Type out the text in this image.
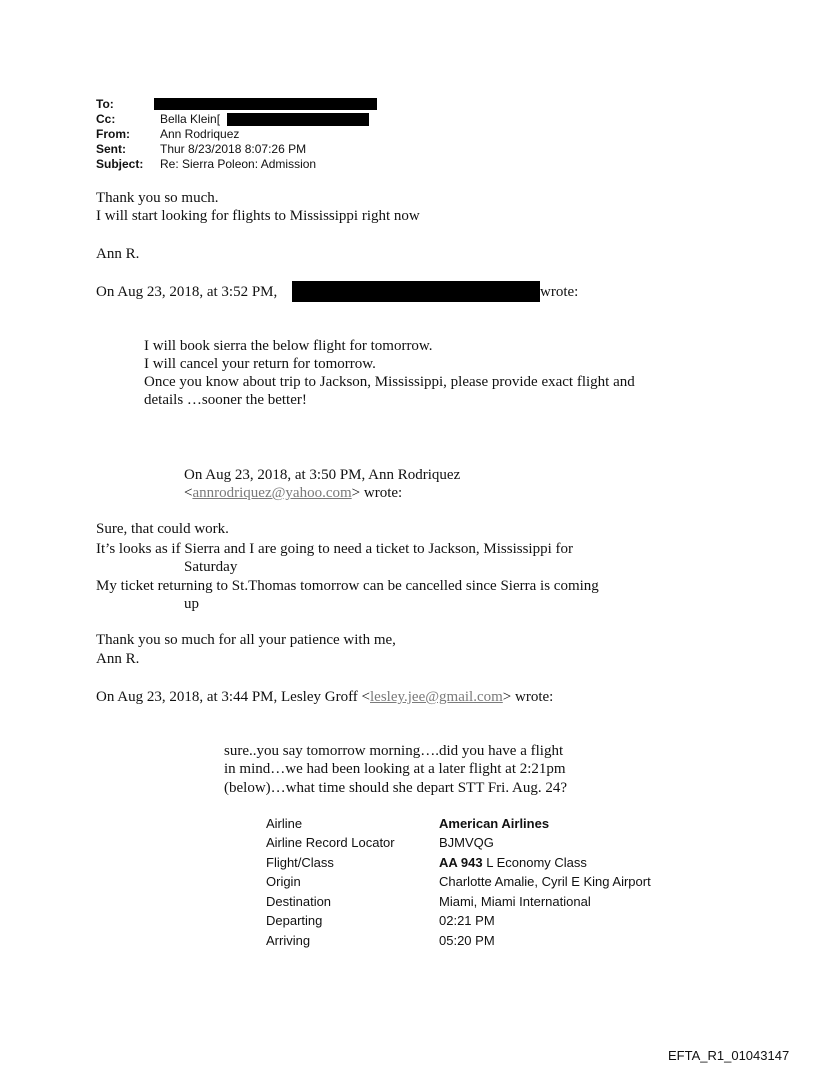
To:
Cc:	Bella Klein[
From:	Ann Rodriquez
Sent:	Thur 8/23/2018 8:07:26 PM
Subject: Re: Sierra Poleon: Admission
Thank you so much.
I will start looking for flights to Mississippi right now
Ann R.
On Aug 23, 2018, at 3:52 PM,	wrote:
I will book sierra the below flight for tomorrow.
I will cancel your return for tomorrow.
Once you know about trip to Jackson, Mississippi, please provide exact flight and
details …sooner the better!
On Aug 23, 2018, at 3:50 PM, Ann Rodriquez
<annrodriquez@yahoo.com> wrote:
Sure, that could work.
It’s looks as if Sierra and I are going to need a ticket to Jackson, Mississippi for
Saturday
My ticket returning to St.Thomas tomorrow can be cancelled since Sierra is coming
up
Thank you so much for all your patience with me,
Ann R.
On Aug 23, 2018, at 3:44 PM, Lesley Groff <lesley.jee@gmail.com> wrote:
sure..you say tomorrow morning….did you have a flight
in mind…we had been looking at a later flight at 2:21pm
(below)…what time should she depart STT Fri. Aug. 24?
Airline	American Airlines
Airline Record Locator	BJMVQG
Flight/Class	AA 943 L Economy Class
Origin	Charlotte Amalie, Cyril E King Airport
Destination	Miami, Miami International
Departing	02:21 PM
Arriving	05:20 PM
EFTA_R1_01043147
